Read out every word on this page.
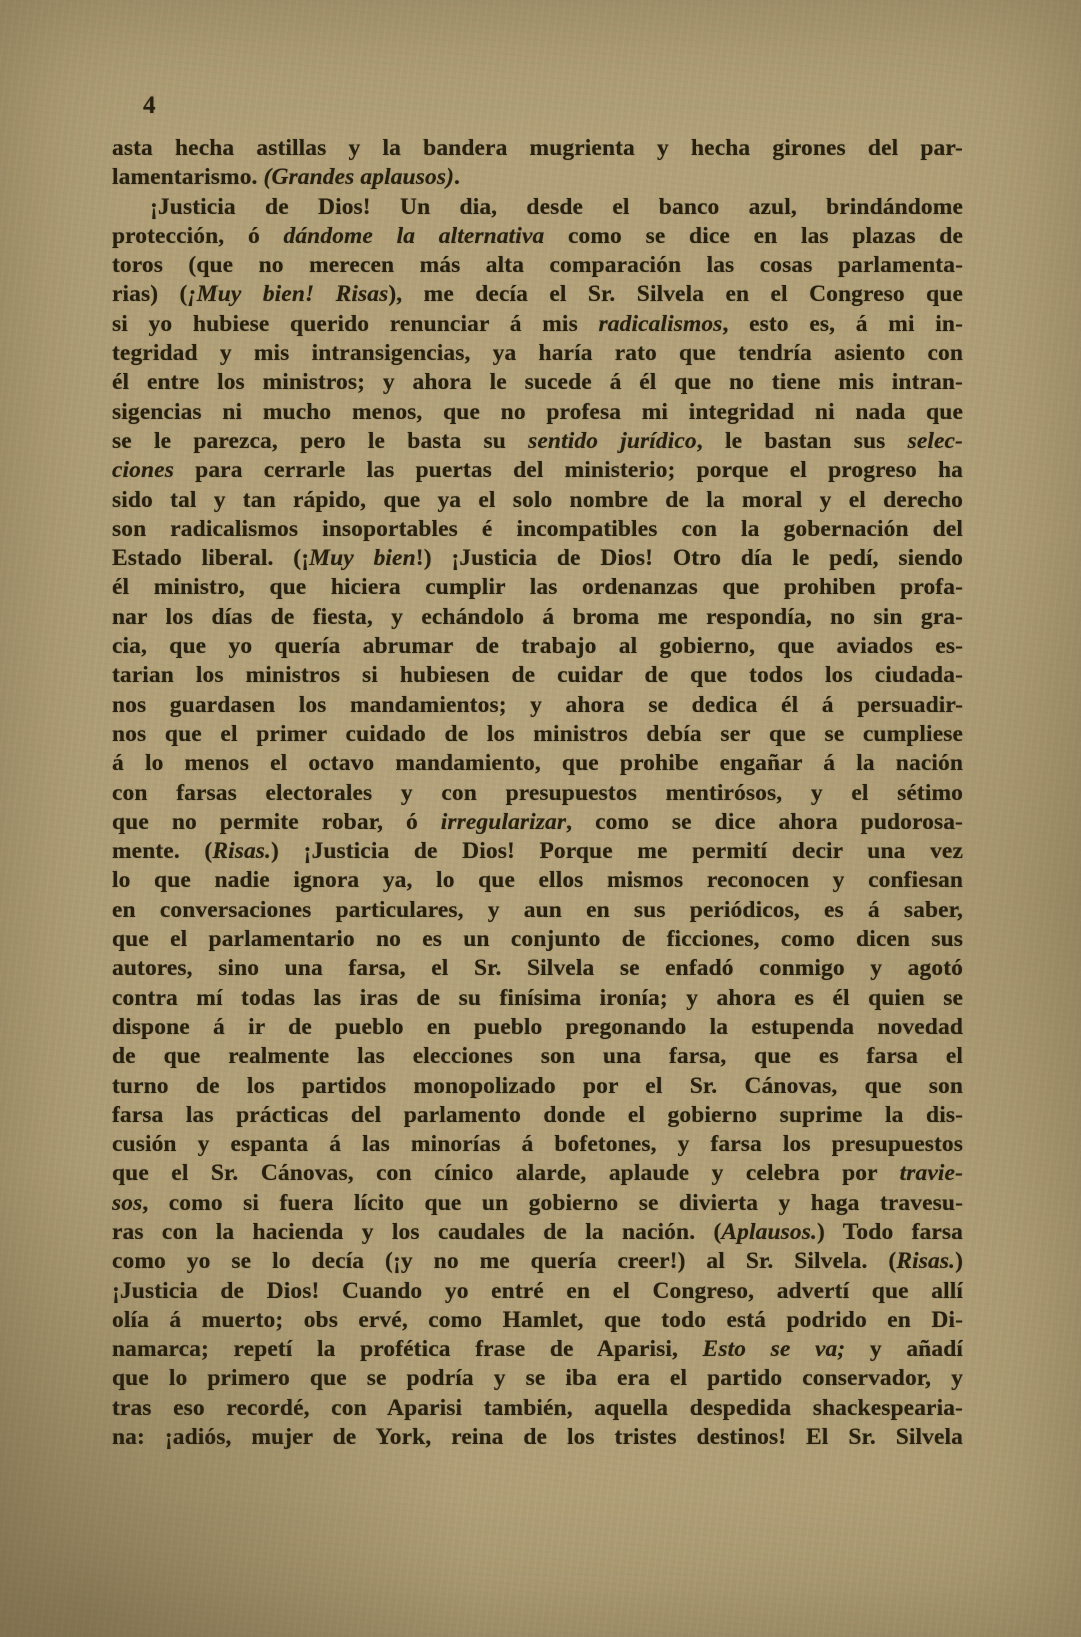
4
asta hecha astillas y la bandera mugrienta y hecha girones del par-
lamentarismo. (Grandes aplausos).
¡Justicia de Dios! Un dia, desde el banco azul, brindándome
protección, ó dándome la alternativa como se dice en las plazas de
toros (que no merecen más alta comparación las cosas parlamenta-
rias) (¡Muy bien! Risas), me decía el Sr. Silvela en el Congreso que
si yo hubiese querido renunciar á mis radicalismos, esto es, á mi in-
tegridad y mis intransigencias, ya haría rato que tendría asiento con
él entre los ministros; y ahora le sucede á él que no tiene mis intran-
sigencias ni mucho menos, que no profesa mi integridad ni nada que
se le parezca, pero le basta su sentido jurídico, le bastan sus selec-
ciones para cerrarle las puertas del ministerio; porque el progreso ha
sido tal y tan rápido, que ya el solo nombre de la moral y el derecho
son radicalismos insoportables é incompatibles con la gobernación del
Estado liberal. (¡Muy bien!) ¡Justicia de Dios! Otro día le pedí, siendo
él ministro, que hiciera cumplir las ordenanzas que prohiben profa-
nar los días de fiesta, y echándolo á broma me respondía, no sin gra-
cia, que yo quería abrumar de trabajo al gobierno, que aviados es-
tarian los ministros si hubiesen de cuidar de que todos los ciudada-
nos guardasen los mandamientos; y ahora se dedica él á persuadir-
nos que el primer cuidado de los ministros debía ser que se cumpliese
á lo menos el octavo mandamiento, que prohibe engañar á la nación
con farsas electorales y con presupuestos mentirósos, y el sétimo
que no permite robar, ó irregularizar, como se dice ahora pudorosa-
mente. (Risas.) ¡Justicia de Dios! Porque me permití decir una vez
lo que nadie ignora ya, lo que ellos mismos reconocen y confiesan
en conversaciones particulares, y aun en sus periódicos, es á saber,
que el parlamentario no es un conjunto de ficciones, como dicen sus
autores, sino una farsa, el Sr. Silvela se enfadó conmigo y agotó
contra mí todas las iras de su finísima ironía; y ahora es él quien se
dispone á ir de pueblo en pueblo pregonando la estupenda novedad
de que realmente las elecciones son una farsa, que es farsa el
turno de los partidos monopolizado por el Sr. Cánovas, que son
farsa las prácticas del parlamento donde el gobierno suprime la dis-
cusión y espanta á las minorías á bofetones, y farsa los presupuestos
que el Sr. Cánovas, con cínico alarde, aplaude y celebra por travie-
sos, como si fuera lícito que un gobierno se divierta y haga travesu-
ras con la hacienda y los caudales de la nación. (Aplausos.) Todo farsa
como yo se lo decía (¡y no me quería creer!) al Sr. Silvela. (Risas.)
¡Justicia de Dios! Cuando yo entré en el Congreso, advertí que allí
olía á muerto; obs ervé, como Hamlet, que todo está podrido en Di-
namarca; repetí la profética frase de Aparisi, Esto se va; y añadí
que lo primero que se podría y se iba era el partido conservador, y
tras eso recordé, con Aparisi también, aquella despedida shackespearia-
na: ¡adiós, mujer de York, reina de los tristes destinos! El Sr. Silvela
